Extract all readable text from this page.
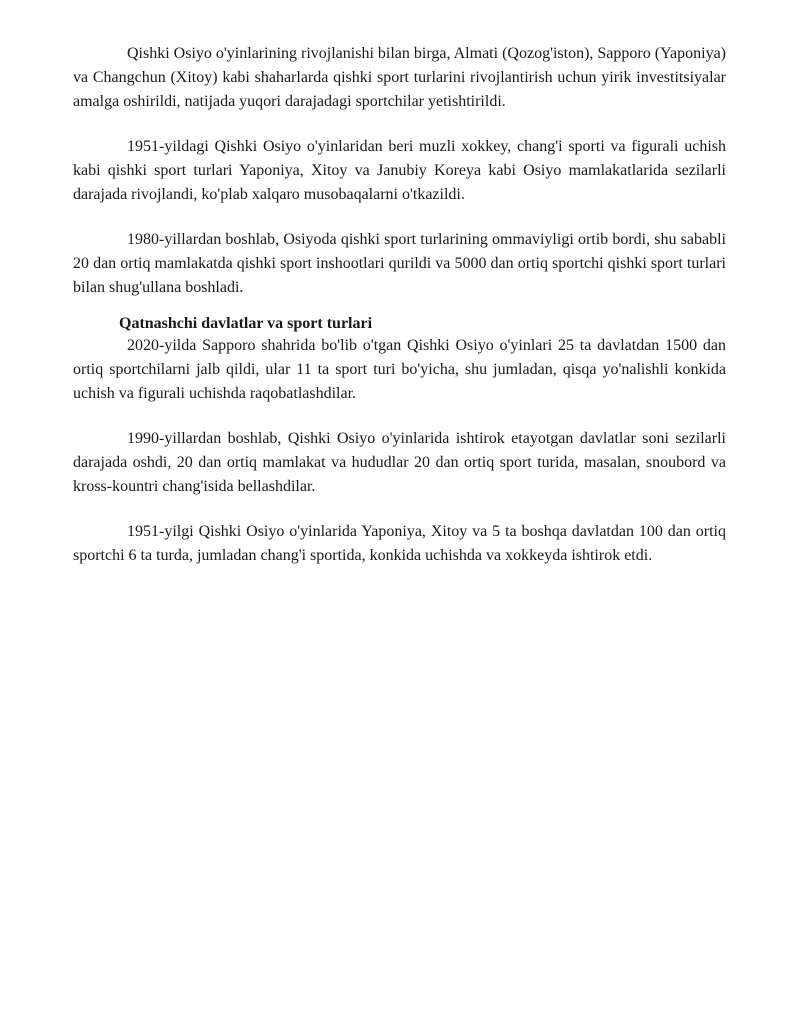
Qishki Osiyo o'yinlarining rivojlanishi bilan birga, Almati (Qozog'iston), Sapporo (Yaponiya) va Changchun (Xitoy) kabi shaharlarda qishki sport turlarini rivojlantirish uchun yirik investitsiyalar amalga oshirildi, natijada yuqori darajadagi sportchilar yetishtirildi.

1951-yildagi Qishki Osiyo o'yinlaridan beri muzli xokkey, chang'i sporti va figurali uchish kabi qishki sport turlari Yaponiya, Xitoy va Janubiy Koreya kabi Osiyo mamlakatlarida sezilarli darajada rivojlandi, ko'plab xalqaro musobaqalarni o'tkazildi.

1980-yillardan boshlab, Osiyoda qishki sport turlarining ommaviyligi ortib bordi, shu sababli 20 dan ortiq mamlakatda qishki sport inshootlari qurildi va 5000 dan ortiq sportchi qishki sport turlari bilan shug'ullana boshladi.

Qatnashchi davlatlar va sport turlari

2020-yilda Sapporo shahrida bo'lib o'tgan Qishki Osiyo o'yinlari 25 ta davlatdan 1500 dan ortiq sportchilarni jalb qildi, ular 11 ta sport turi bo'yicha, shu jumladan, qisqa yo'nalishli konkida uchish va figurali uchishda raqobatlashdilar.

1990-yillardan boshlab, Qishki Osiyo o'yinlarida ishtirok etayotgan davlatlar soni sezilarli darajada oshdi, 20 dan ortiq mamlakat va hududlar 20 dan ortiq sport turida, masalan, snoubord va kross-kountri chang'isida bellashdilar.

1951-yilgi Qishki Osiyo o'yinlarida Yaponiya, Xitoy va 5 ta boshqa davlatdan 100 dan ortiq sportchi 6 ta turda, jumladan chang'i sportida, konkida uchishda va xokkeyda ishtirok etdi.
